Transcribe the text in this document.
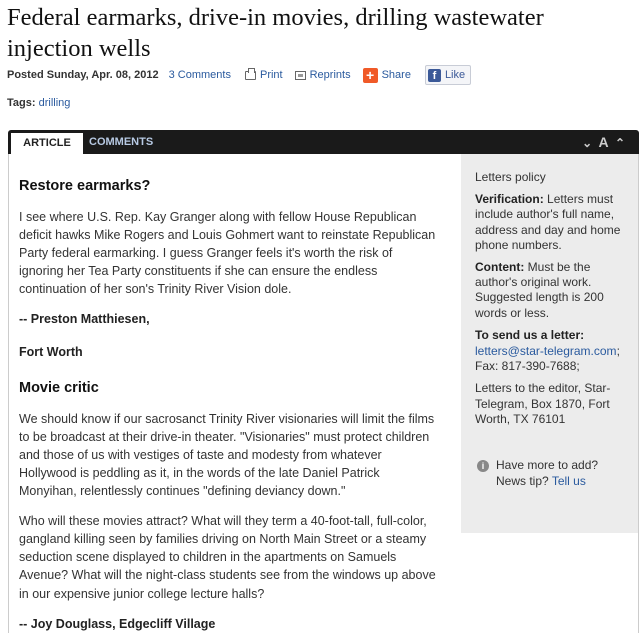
Federal earmarks, drive-in movies, drilling wastewater injection wells
Posted Sunday, Apr. 08, 2012 3 Comments	Print Reprints + Share	f Like
Tags: drilling
ARTICLE	COMMENTS	⌄ A ⌃
Restore earmarks?

I see where U.S. Rep. Kay Granger along with fellow House Republican deficit hawks Mike Rogers and Louis Gohmert want to reinstate Republican Party federal earmarking. I guess Granger feels it's worth the risk of ignoring her Tea Party constituents if she can ensure the endless continuation of her son's Trinity River Vision dole.

-- Preston Matthiesen,

Fort Worth

Movie critic

We should know if our sacrosanct Trinity River visionaries will limit the films to be broadcast at their drive-in theater. "Visionaries" must protect children and those of us with vestiges of taste and modesty from whatever Hollywood is peddling as it, in the words of the late Daniel Patrick Monyihan, relentlessly continues "defining deviancy down."

Who will these movies attract? What will they term a 40-foot-tall, full-color, gangland killing seen by families driving on North Main Street or a steamy seduction scene displayed to children in the apartments on Samuels Avenue? What will the night-class students see from the windows up above in our expensive junior college lecture halls?

-- Joy Douglass, Edgecliff Village

Letters policy

Verification: Letters must include author's full name, address and day and home phone numbers.

Content: Must be the author's original work. Suggested length is 200 words or less.

To send us a letter:

letters@star-telegram.com; Fax: 817-390-7688;

Letters to the editor, Star-Telegram, Box 1870, Fort Worth, TX 76101

i Have more to add? News tip? Tell us
